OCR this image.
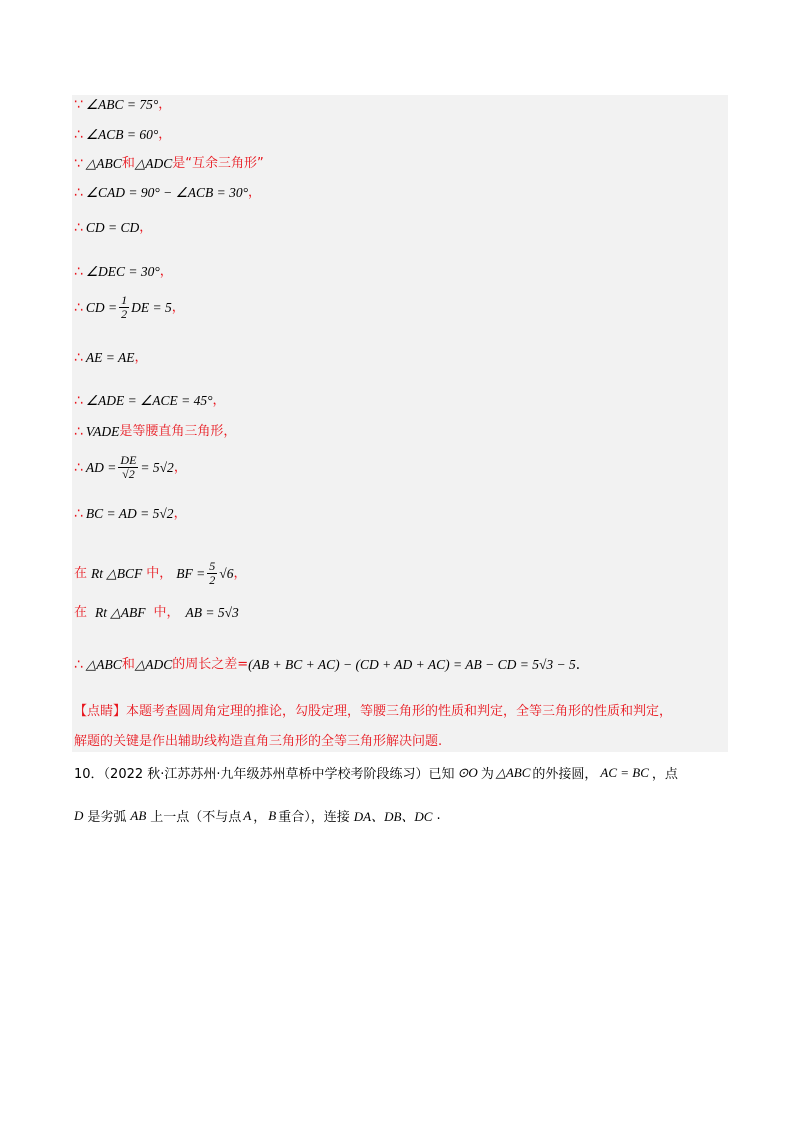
∵ ∠ABC = 75° ，
∴ ∠ACB = 60° ，
∵ △ABC 和 △ADC 是“互余三角形”
∴ ∠CAD = 90° − ∠ACB = 30° ，
∴ CD = CD ，
∴ ∠DEC = 30° ，
∴ CD = $\frac{1}{2}$ DE = 5 ，
∴ AE = AE ，
∴ ∠ADE = ∠ACE = 45° ，
∴ VADE 是等腰直角三角形，
∴ AD = $\frac{DE}{√2} = 5√2$ ，
∴ BC = AD = 5√2 ，
在 Rt △BCF 中， BF = $\frac{5}{2} √6$ ，
在 Rt △ABF 中， AB = 5√3
∴ △ABC 和 △ADC 的周长之差= (AB + BC + AC) − (CD + AD + AC) = AB − CD = 5√3 − 5 .
【点睛】本题考查圆周角定理的推论，勾股定理，等腰三角形的性质和判定，全等三角形的性质和判定，
解题的关键是作出辅助线构造直角三角形的全等三角形解决问题.
10．（2022 秋·江苏苏州·九年级苏州草桥中学校考阶段练习）已知 ⊙O 为 △ABC 的外接圆， AC = BC ，点
D 是劣弧 AB 上一点（不与点 A ， B 重合），连接 DA、DB、DC .
